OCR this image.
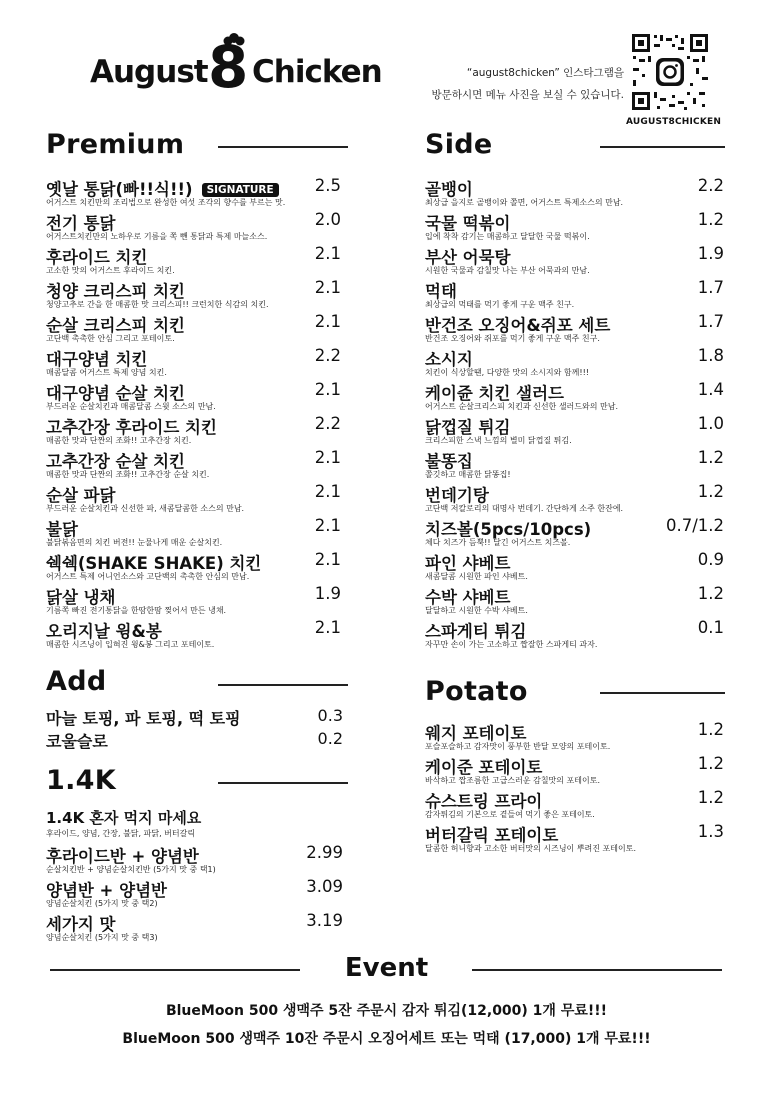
August 8 Chicken	“august8chicken” 인스타그램을
방문하시면 메뉴 사진을 보실 수 있습니다.
AUGUST8CHICKEN
Premium
옛날 통닭(빠!!식!!) SIGNATURE	2.5
어거스트 치킨만의 조리법으로 완성한 여섯 조각의 향수를 부르는 맛.
전기 통닭	2.0
어거스트치킨만의 노하우로 기름을 쪽 뺀 통닭과 특제 마늘소스.
후라이드 치킨	2.1
고소한 맛의 어거스트 후라이드 치킨.
청양 크리스피 치킨	2.1
청양고추로 간을 한 매콤한 맛 크리스피!! 크런치한 식감의 치킨.
순살 크리스피 치킨	2.1
고단백 촉촉한 안심 그리고 포테이토.
대구양념 치킨	2.2
매콤달콤 어거스트 특제 양념 치킨.
대구양념 순살 치킨	2.1
부드러운 순살치킨과 매콤달콤 스윗 소스의 만남.
고추간장 후라이드 치킨	2.2
매콤한 맛과 단짠의 조화!! 고추간장 치킨.
고추간장 순살 치킨	2.1
매콤한 맛과 단짠의 조화!! 고추간장 순살 치킨.
순살 파닭	2.1
부드러운 순살치킨과 신선한 파, 새콤달콤한 소스의 만남.
불닭	2.1
불닭볶음면의 치킨 버전!! 눈물나게 매운 순살치킨.
쉑쉑(SHAKE SHAKE) 치킨	2.1
어거스트 특제 어니언소스와 고단백의 촉촉한 안심의 만남.
닭살 냉채	1.9
기름쪽 빠진 전기통닭을 한땀한땀 찢어서 만든 냉채.
오리지날 윙&봉	2.1
매콤한 시즈닝이 입혀진 윙&봉 그리고 포테이토.
Add
마늘 토핑, 파 토핑, 떡 토핑	0.3
코울슬로	0.2
1.4K
1.4K 혼자 먹지 마세요
후라이드, 양념, 간장, 불닭, 파닭, 버터갈릭
후라이드반 + 양념반	2.99
순살치킨반 + 양념순살치킨반 (5가지 맛 중 택1)
양념반 + 양념반	3.09
양념순살치킨 (5가지 맛 중 택2)
세가지 맛	3.19
양념순살치킨 (5가지 맛 중 택3)
Side
골뱅이	2.2
최상급 을지로 골뱅이와 쫄면, 어거스트 특제소스의 만남.
국물 떡볶이	1.2
입에 착착 감기는 매콤하고 달달한 국물 떡볶이.
부산 어묵탕	1.9
시원한 국물과 감칠맛 나는 부산 어묵과의 만남.
먹태	1.7
최상급의 먹태를 먹기 좋게 구운 맥주 친구.
반건조 오징어&쥐포 세트	1.7
반건조 오징어와 쥐포를 먹기 좋게 구운 맥주 친구.
소시지	1.8
치킨이 식상할땐, 다양한 맛의 소시지와 함께!!!
케이쥰 치킨 샐러드	1.4
어거스트 순살크리스피 치킨과 신선한 샐러드와의 만남.
닭껍질 튀김	1.0
크리스피한 스낵 느낌의 별미 닭껍질 튀김.
불똥집	1.2
쫄깃하고 매콤한 닭똥집!
번데기탕	1.2
고단백 저칼로리의 대명사 번데기. 간단하게 소주 한잔에.
치즈볼(5pcs/10pcs)	0.7/1.2
체다 치즈가 듬뿍!! 달긴 어거스트 치즈볼.
파인 샤베트	0.9
새콤달콤 시원한 파인 샤베트.
수박 샤베트	1.2
달달하고 시원한 수박 샤베트.
스파게티 튀김	0.1
자꾸만 손이 가는 고소하고 짭잘한 스파게티 과자.
Potato
웨지 포테이토	1.2
포슬포슬하고 감자맛이 풍부한 반달 모양의 포테이토.
케이준 포테이토	1.2
바삭하고 짭조름한 고급스러운 감칠맛의 포테이토.
슈스트링 프라이	1.2
감자튀김의 기본으로 곁들여 먹기 좋은 포테이토.
버터갈릭 포테이토	1.3
달콤한 허니향과 고소한 버터맛의 시즈닝이 뿌려진 포테이토.
Event
BlueMoon 500 생맥주 5잔 주문시 감자 튀김(12,000) 1개 무료!!!
BlueMoon 500 생맥주 10잔 주문시 오징어세트 또는 먹태 (17,000) 1개 무료!!!
